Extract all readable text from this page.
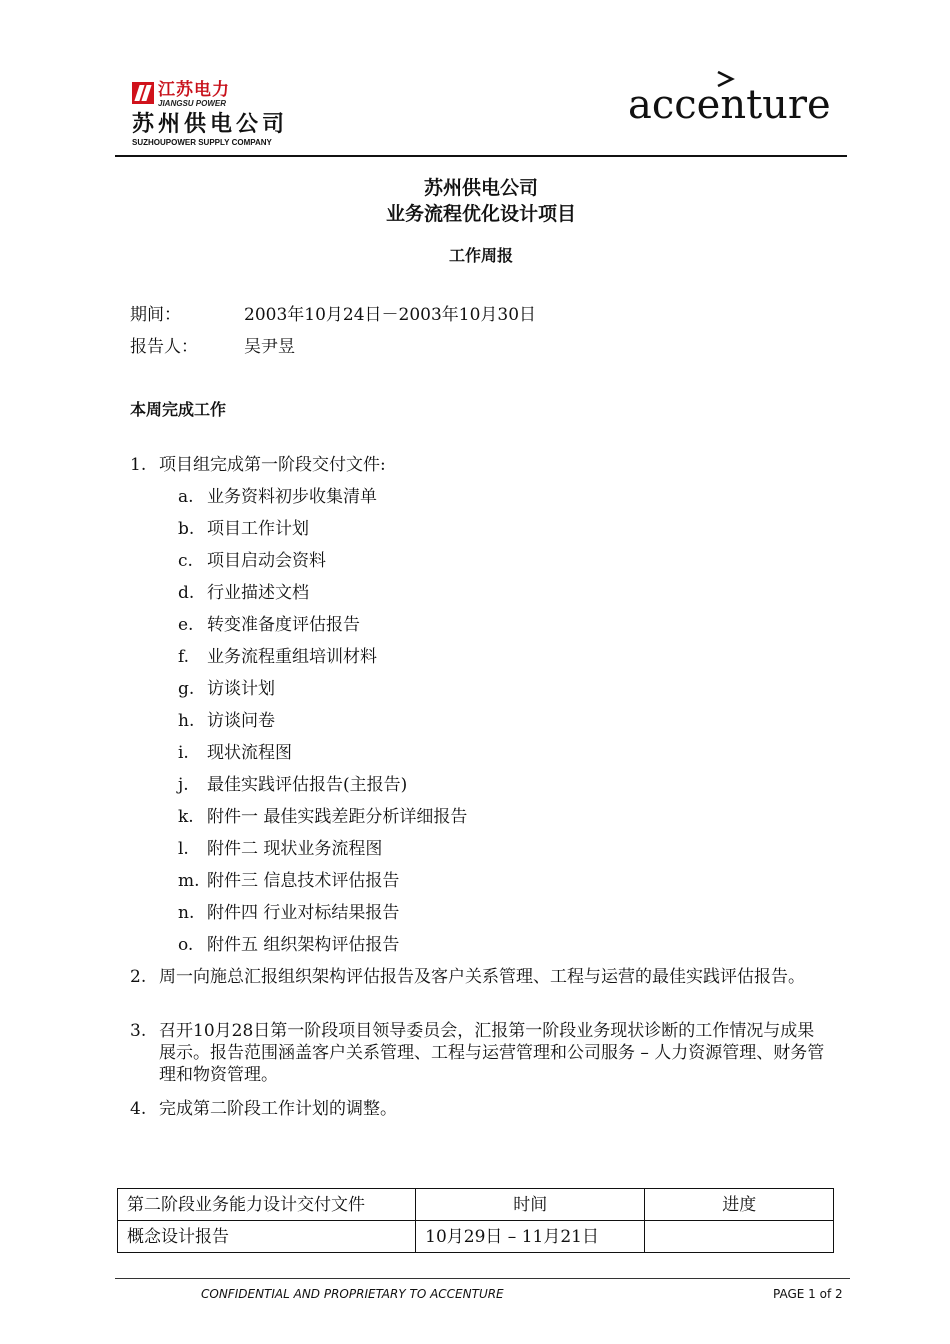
江苏电力
JIANGSU POWER
苏州供电公司
SUZHOUPOWER SUPPLY COMPANY
accenture
苏州供电公司
业务流程优化设计项目
工作周报
期间：	2003年10月24日－2003年10月30日
报告人：	吴尹昱
本周完成工作
1. 项目组完成第一阶段交付文件:
a. 业务资料初步收集清单
b. 项目工作计划
c. 项目启动会资料
d. 行业描述文档
e. 转变准备度评估报告
f. 业务流程重组培训材料
g. 访谈计划
h. 访谈问卷
i. 现状流程图
j. 最佳实践评估报告(主报告)
k. 附件一 最佳实践差距分析详细报告
l. 附件二 现状业务流程图
m. 附件三 信息技术评估报告
n. 附件四 行业对标结果报告
o. 附件五 组织架构评估报告
2. 周一向施总汇报组织架构评估报告及客户关系管理、工程与运营的最佳实践评估报告。
3. 召开10月28日第一阶段项目领导委员会，汇报第一阶段业务现状诊断的工作情况与成果展示。报告范围涵盖客户关系管理、工程与运营管理和公司服务 – 人力资源管理、财务管理和物资管理。
4. 完成第二阶段工作计划的调整。
第二阶段业务能力设计交付文件	时间	进度
概念设计报告	10月29日 – 11月21日	
CONFIDENTIAL AND PROPRIETARY TO ACCENTURE	PAGE 1 of 2
